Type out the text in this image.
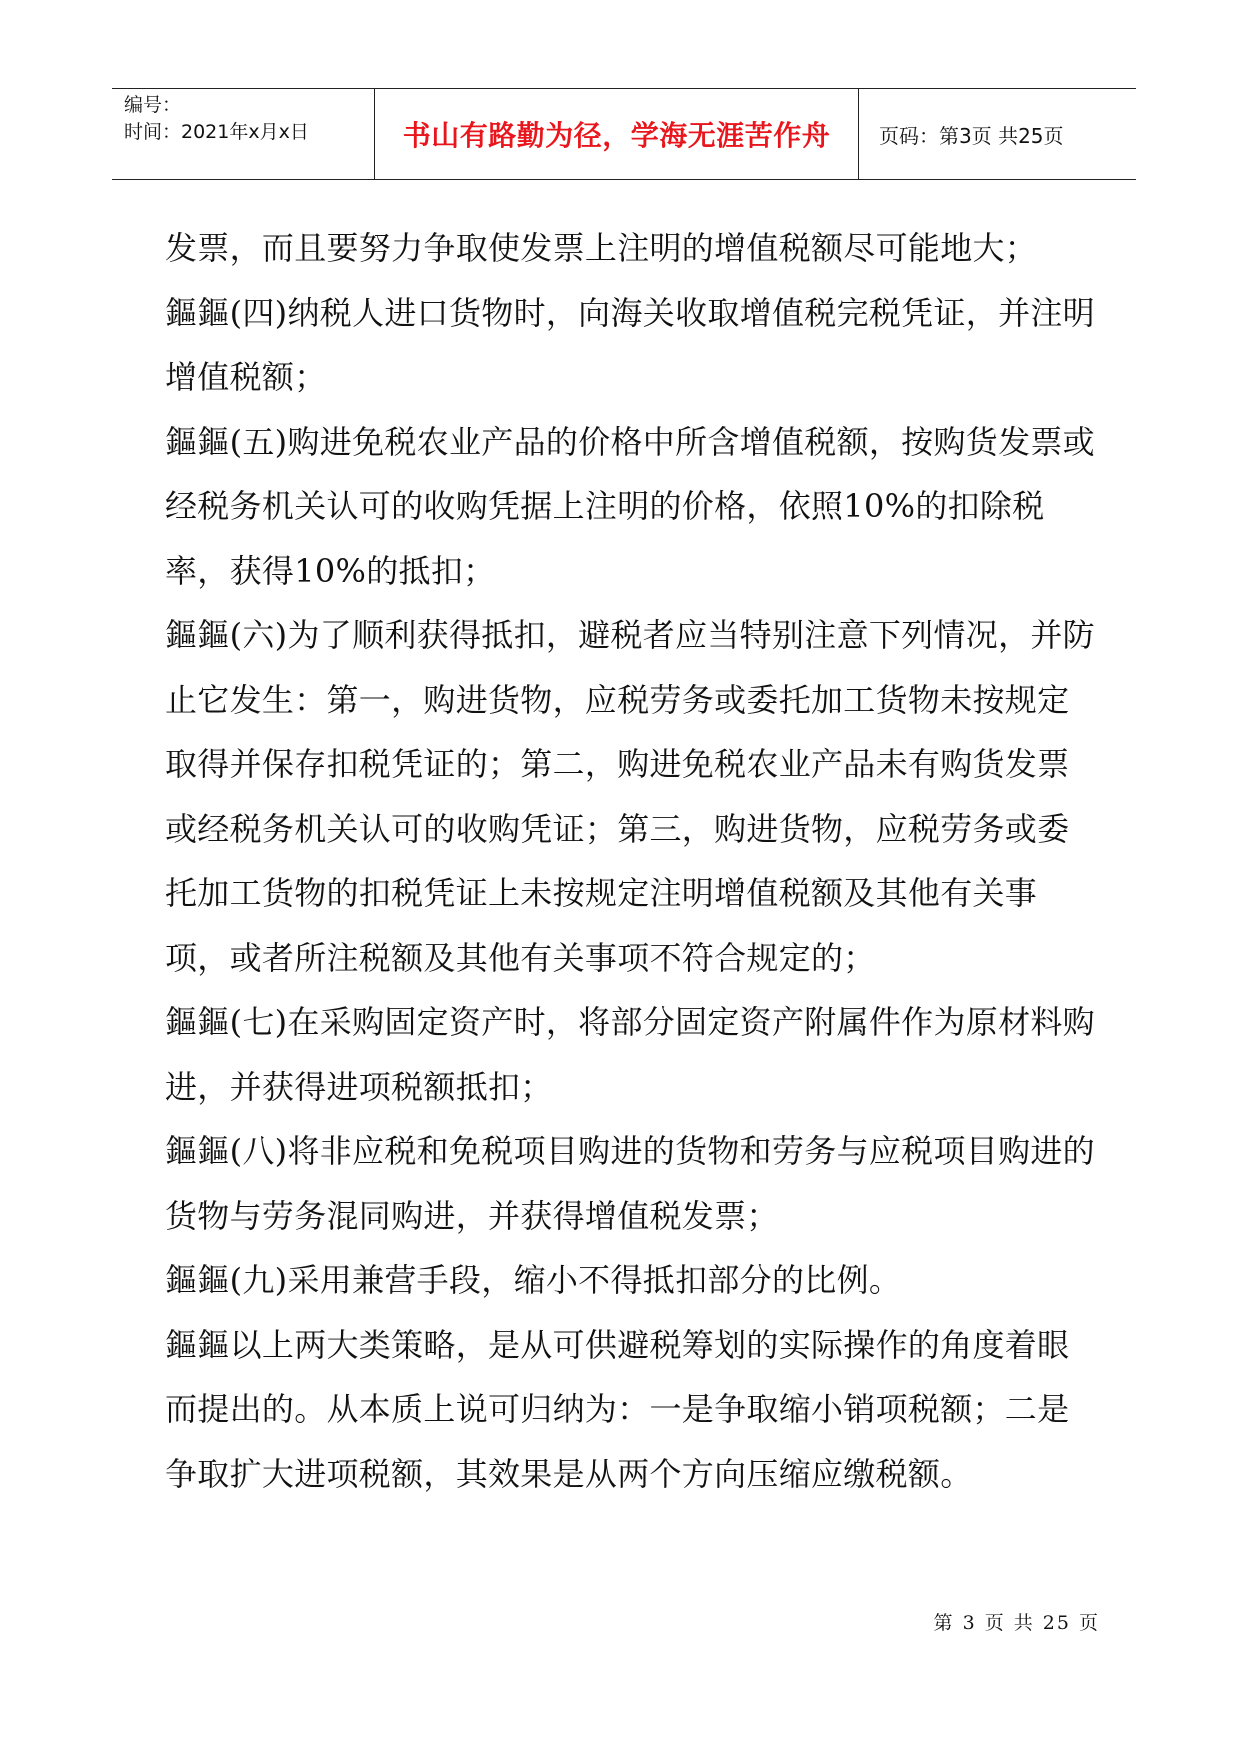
编号：
时间：2021年x月x日	书山有路勤为径，学海无涯苦作舟 页码：第3页 共25页

发票，而且要努力争取使发票上注明的增值税额尽可能地大；

鏂鏂(四)纳税人进口货物时，向海关收取增值税完税凭证，并注明增值税额；

鏂鏂(五)购进免税农业产品的价格中所含增值税额，按购货发票或经税务机关认可的收购凭据上注明的价格，依照10%的扣除税率，获得10%的抵扣；

鏂鏂(六)为了顺利获得抵扣，避税者应当特别注意下列情况，并防止它发生：第一，购进货物，应税劳务或委托加工货物未按规定取得并保存扣税凭证的；第二，购进免税农业产品未有购货发票或经税务机关认可的收购凭证；第三，购进货物，应税劳务或委托加工货物的扣税凭证上未按规定注明增值税额及其他有关事项，或者所注税额及其他有关事项不符合规定的；

鏂鏂(七)在采购固定资产时，将部分固定资产附属件作为原材料购进，并获得进项税额抵扣；

鏂鏂(八)将非应税和免税项目购进的货物和劳务与应税项目购进的货物与劳务混同购进，并获得增值税发票；

鏂鏂(九)采用兼营手段，缩小不得抵扣部分的比例。

鏂鏂以上两大类策略，是从可供避税筹划的实际操作的角度着眼而提出的。从本质上说可归纳为：一是争取缩小销项税额；二是争取扩大进项税额，其效果是从两个方向压缩应缴税额。

第 3 页 共 25 页
